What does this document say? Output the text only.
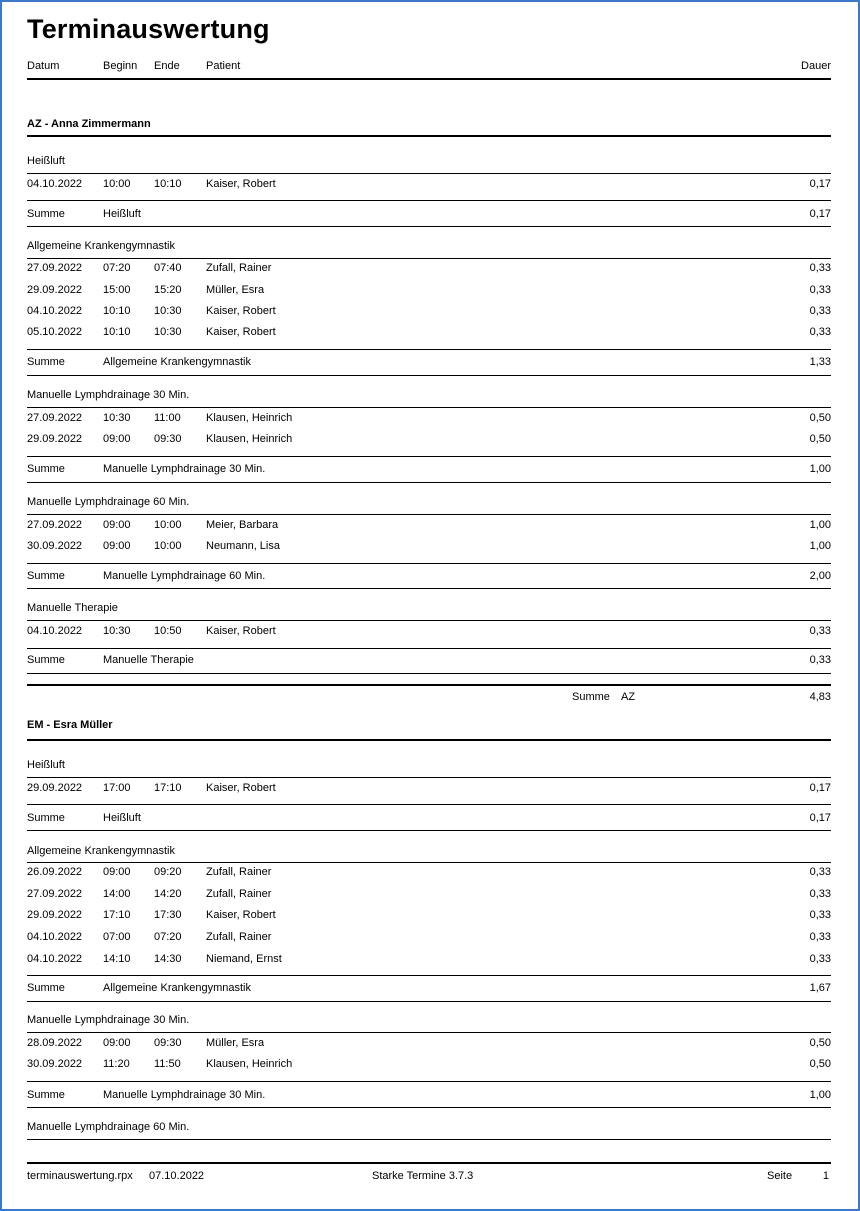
Terminauswertung
Datum	Beginn Ende Patient	Dauer
AZ - Anna Zimmermann
Heißluft
04.10.2022 10:00 10:10 Kaiser, Robert	0,17
Summe	Heißluft	0,17
Allgemeine Krankengymnastik
27.09.2022 07:20 07:40 Zufall, Rainer	0,33
29.09.2022 15:00 15:20 Müller, Esra	0,33
04.10.2022 10:10 10:30 Kaiser, Robert	0,33
05.10.2022 10:10 10:30 Kaiser, Robert	0,33
Summe	Allgemeine Krankengymnastik	1,33
Manuelle Lymphdrainage 30 Min.
27.09.2022 10:30 11:00 Klausen, Heinrich	0,50
29.09.2022 09:00 09:30 Klausen, Heinrich	0,50
Summe	Manuelle Lymphdrainage 30 Min.	1,00
Manuelle Lymphdrainage 60 Min.
27.09.2022 09:00 10:00 Meier, Barbara	1,00
30.09.2022 09:00 10:00 Neumann, Lisa	1,00
Summe	Manuelle Lymphdrainage 60 Min.	2,00
Manuelle Therapie
04.10.2022 10:30 10:50 Kaiser, Robert	0,33
Summe	Manuelle Therapie	0,33
Summe AZ	4,83
EM - Esra Müller
Heißluft
29.09.2022 17:00 17:10 Kaiser, Robert	0,17
Summe	Heißluft	0,17
Allgemeine Krankengymnastik
26.09.2022 09:00 09:20 Zufall, Rainer	0,33
27.09.2022 14:00 14:20 Zufall, Rainer	0,33
29.09.2022 17:10 17:30 Kaiser, Robert	0,33
04.10.2022 07:00 07:20 Zufall, Rainer	0,33
04.10.2022 14:10 14:30 Niemand, Ernst	0,33
Summe	Allgemeine Krankengymnastik	1,67
Manuelle Lymphdrainage 30 Min.
28.09.2022 09:00 09:30 Müller, Esra	0,50
30.09.2022 11:20 11:50 Klausen, Heinrich	0,50
Summe	Manuelle Lymphdrainage 30 Min.	1,00
Manuelle Lymphdrainage 60 Min.
terminauswertung.rpx 07.10.2022	Starke Termine 3.7.3	Seite	1
